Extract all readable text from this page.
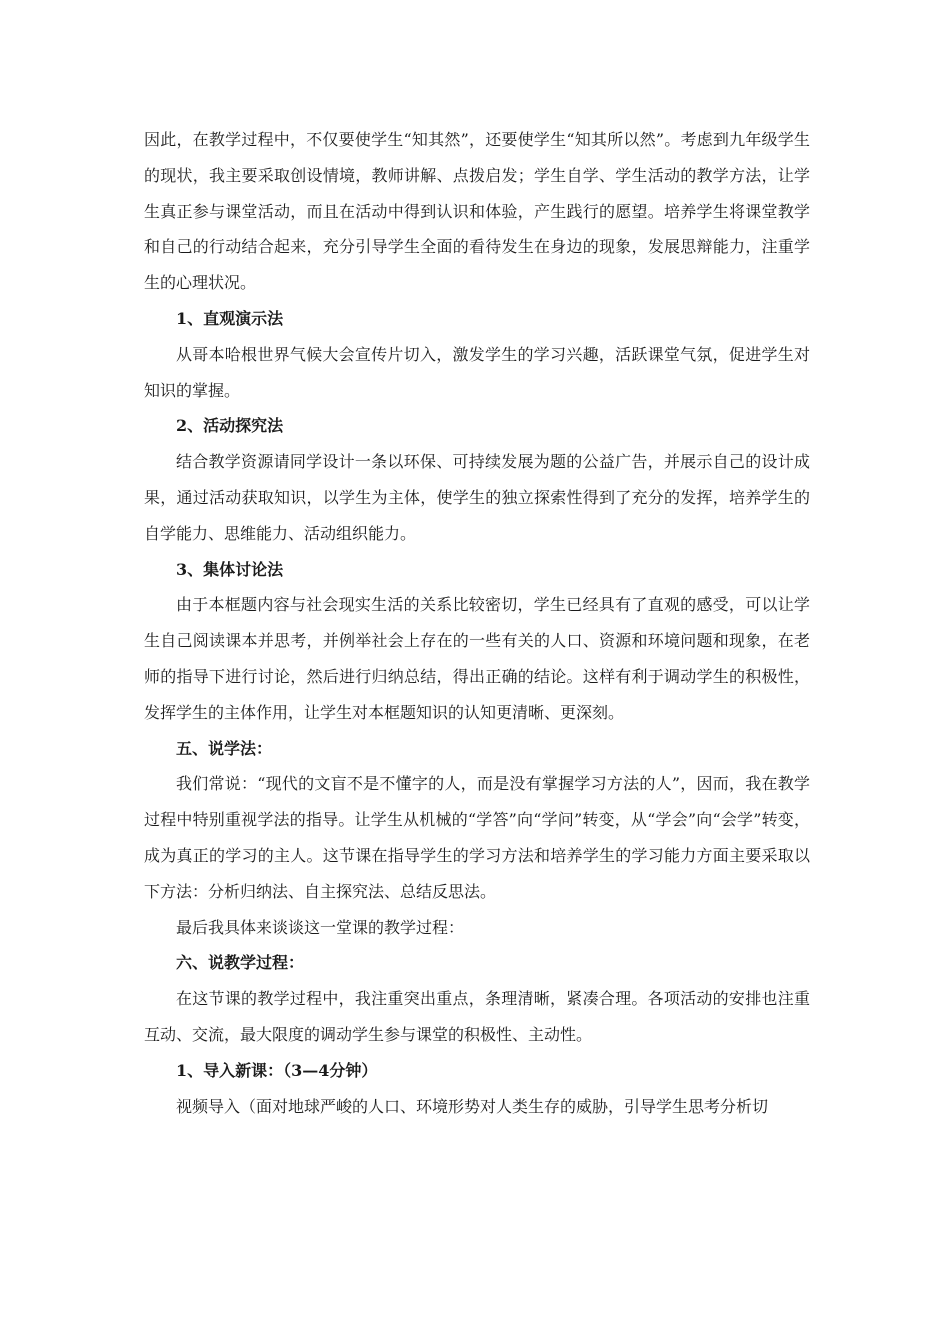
因此，在教学过程中，不仅要使学生“知其然”，还要使学生“知其所以然”。考虑到九年级学生的现状，我主要采取创设情境，教师讲解、点拨启发；学生自学、学生活动的教学方法，让学生真正参与课堂活动，而且在活动中得到认识和体验，产生践行的愿望。培养学生将课堂教学和自己的行动结合起来，充分引导学生全面的看待发生在身边的现象，发展思辩能力，注重学生的心理状况。

1、直观演示法

从哥本哈根世界气候大会宣传片切入，激发学生的学习兴趣，活跃课堂气氛，促进学生对知识的掌握。

2、活动探究法

结合教学资源请同学设计一条以环保、可持续发展为题的公益广告，并展示自己的设计成果，通过活动获取知识，以学生为主体，使学生的独立探索性得到了充分的发挥，培养学生的自学能力、思维能力、活动组织能力。

3、集体讨论法

由于本框题内容与社会现实生活的关系比较密切，学生已经具有了直观的感受，可以让学生自己阅读课本并思考，并例举社会上存在的一些有关的人口、资源和环境问题和现象，在老师的指导下进行讨论，然后进行归纳总结，得出正确的结论。这样有利于调动学生的积极性，发挥学生的主体作用，让学生对本框题知识的认知更清晰、更深刻。

五、说学法：

我们常说：“现代的文盲不是不懂字的人，而是没有掌握学习方法的人”，因而，我在教学过程中特别重视学法的指导。让学生从机械的“学答”向“学问”转变，从“学会”向“会学”转变，成为真正的学习的主人。这节课在指导学生的学习方法和培养学生的学习能力方面主要采取以下方法：分析归纳法、自主探究法、总结反思法。

最后我具体来谈谈这一堂课的教学过程：

六、说教学过程：

在这节课的教学过程中，我注重突出重点，条理清晰，紧凑合理。各项活动的安排也注重互动、交流，最大限度的调动学生参与课堂的积极性、主动性。

1、导入新课：（3—4分钟）

视频导入（面对地球严峻的人口、环境形势对人类生存的威胁，引导学生思考分析切
